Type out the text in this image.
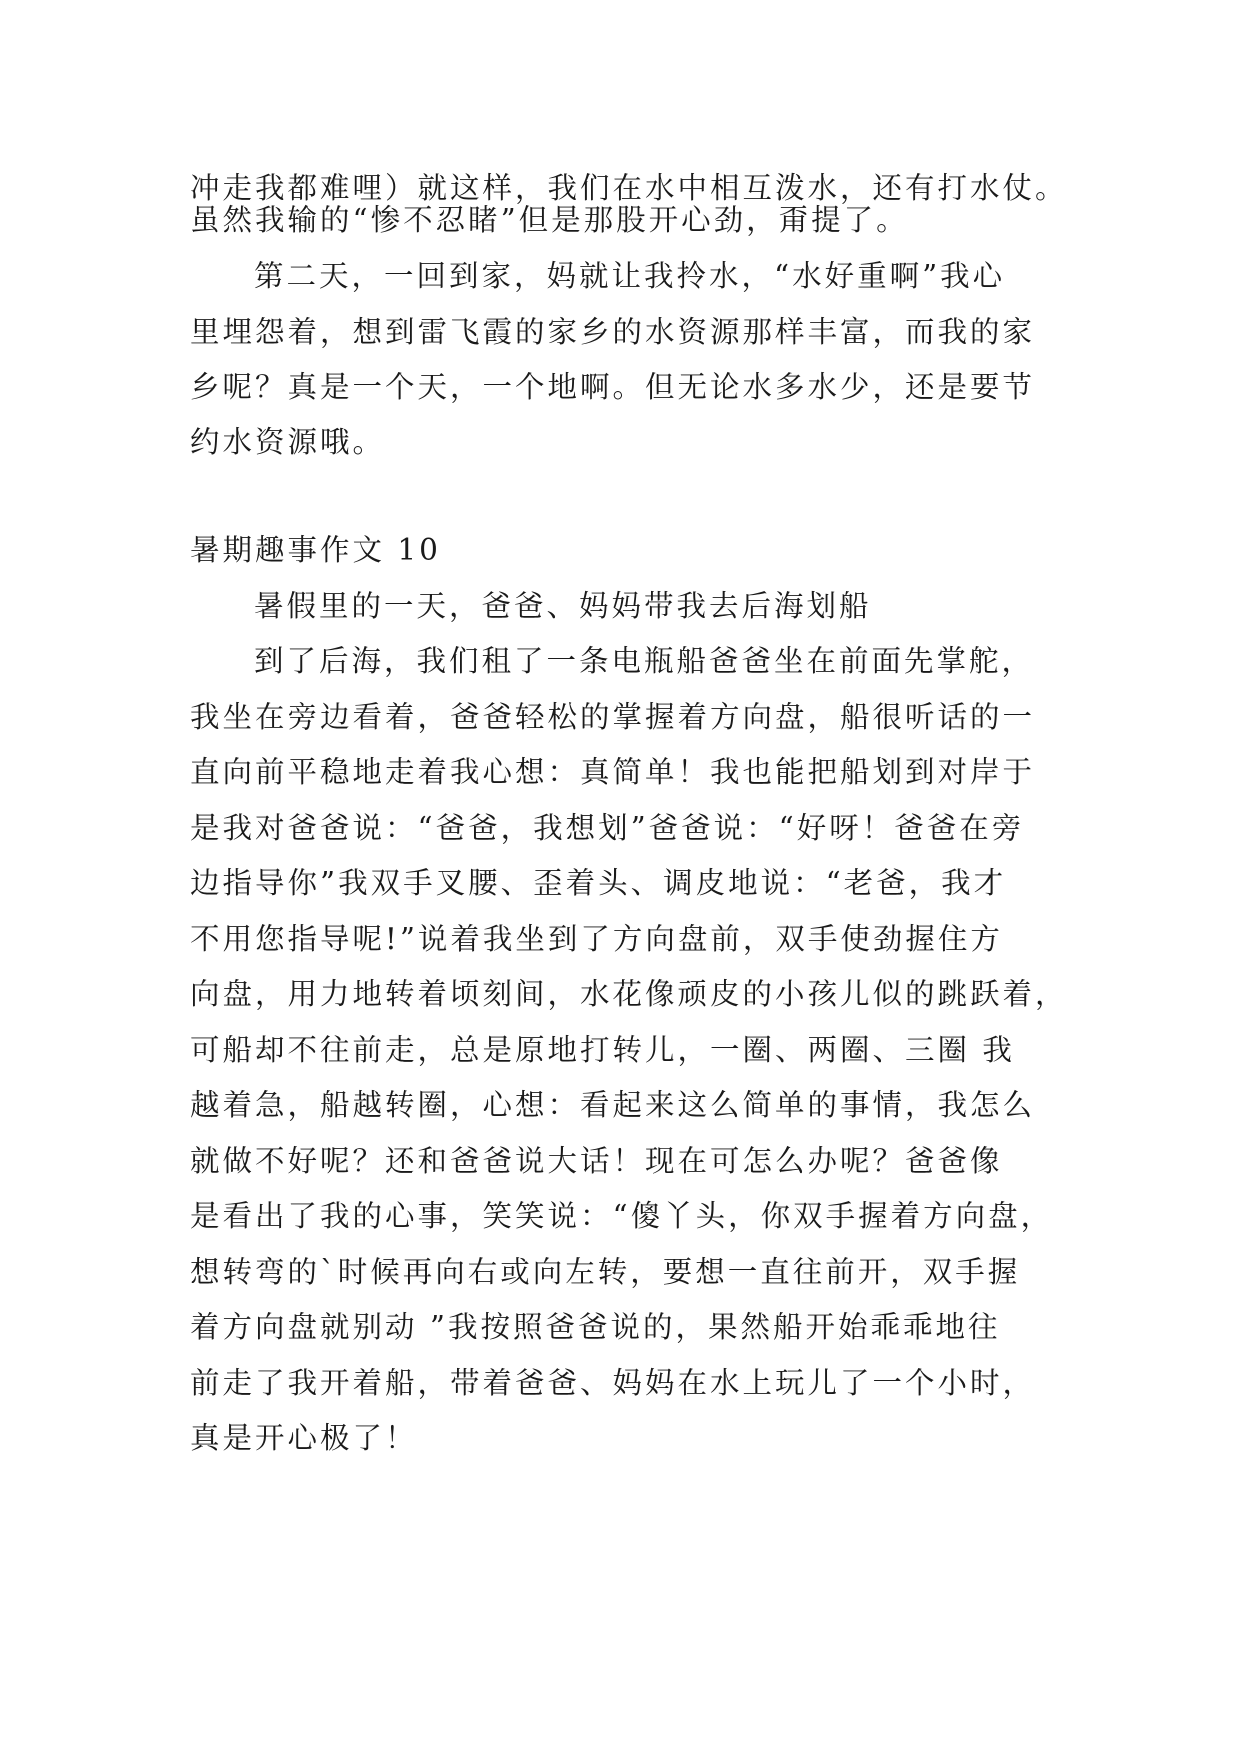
冲走我都难哩）就这样，我们在水中相互泼水，还有打水仗。
虽然我输的“惨不忍睹”但是那股开心劲，甭提了。
第二天，一回到家，妈就让我拎水，“水好重啊”我心
里埋怨着，想到雷飞霞的家乡的水资源那样丰富，而我的家
乡呢？真是一个天，一个地啊。但无论水多水少，还是要节
约水资源哦。
暑期趣事作文 10
暑假里的一天，爸爸、妈妈带我去后海划船
到了后海，我们租了一条电瓶船爸爸坐在前面先掌舵，
我坐在旁边看着，爸爸轻松的掌握着方向盘，船很听话的一
直向前平稳地走着我心想：真简单！我也能把船划到对岸于
是我对爸爸说：“爸爸，我想划”爸爸说：“好呀！爸爸在旁
边指导你”我双手叉腰、歪着头、调皮地说：“老爸，我才
不用您指导呢!”说着我坐到了方向盘前，双手使劲握住方
向盘，用力地转着顷刻间，水花像顽皮的小孩儿似的跳跃着，
可船却不往前走，总是原地打转儿，一圈、两圈、三圈 我
越着急，船越转圈，心想：看起来这么简单的事情，我怎么
就做不好呢？还和爸爸说大话！现在可怎么办呢？爸爸像
是看出了我的心事，笑笑说：“傻丫头，你双手握着方向盘，
想转弯的`时候再向右或向左转，要想一直往前开，双手握
着方向盘就别动 ”我按照爸爸说的，果然船开始乖乖地往
前走了我开着船，带着爸爸、妈妈在水上玩儿了一个小时，
真是开心极了！
